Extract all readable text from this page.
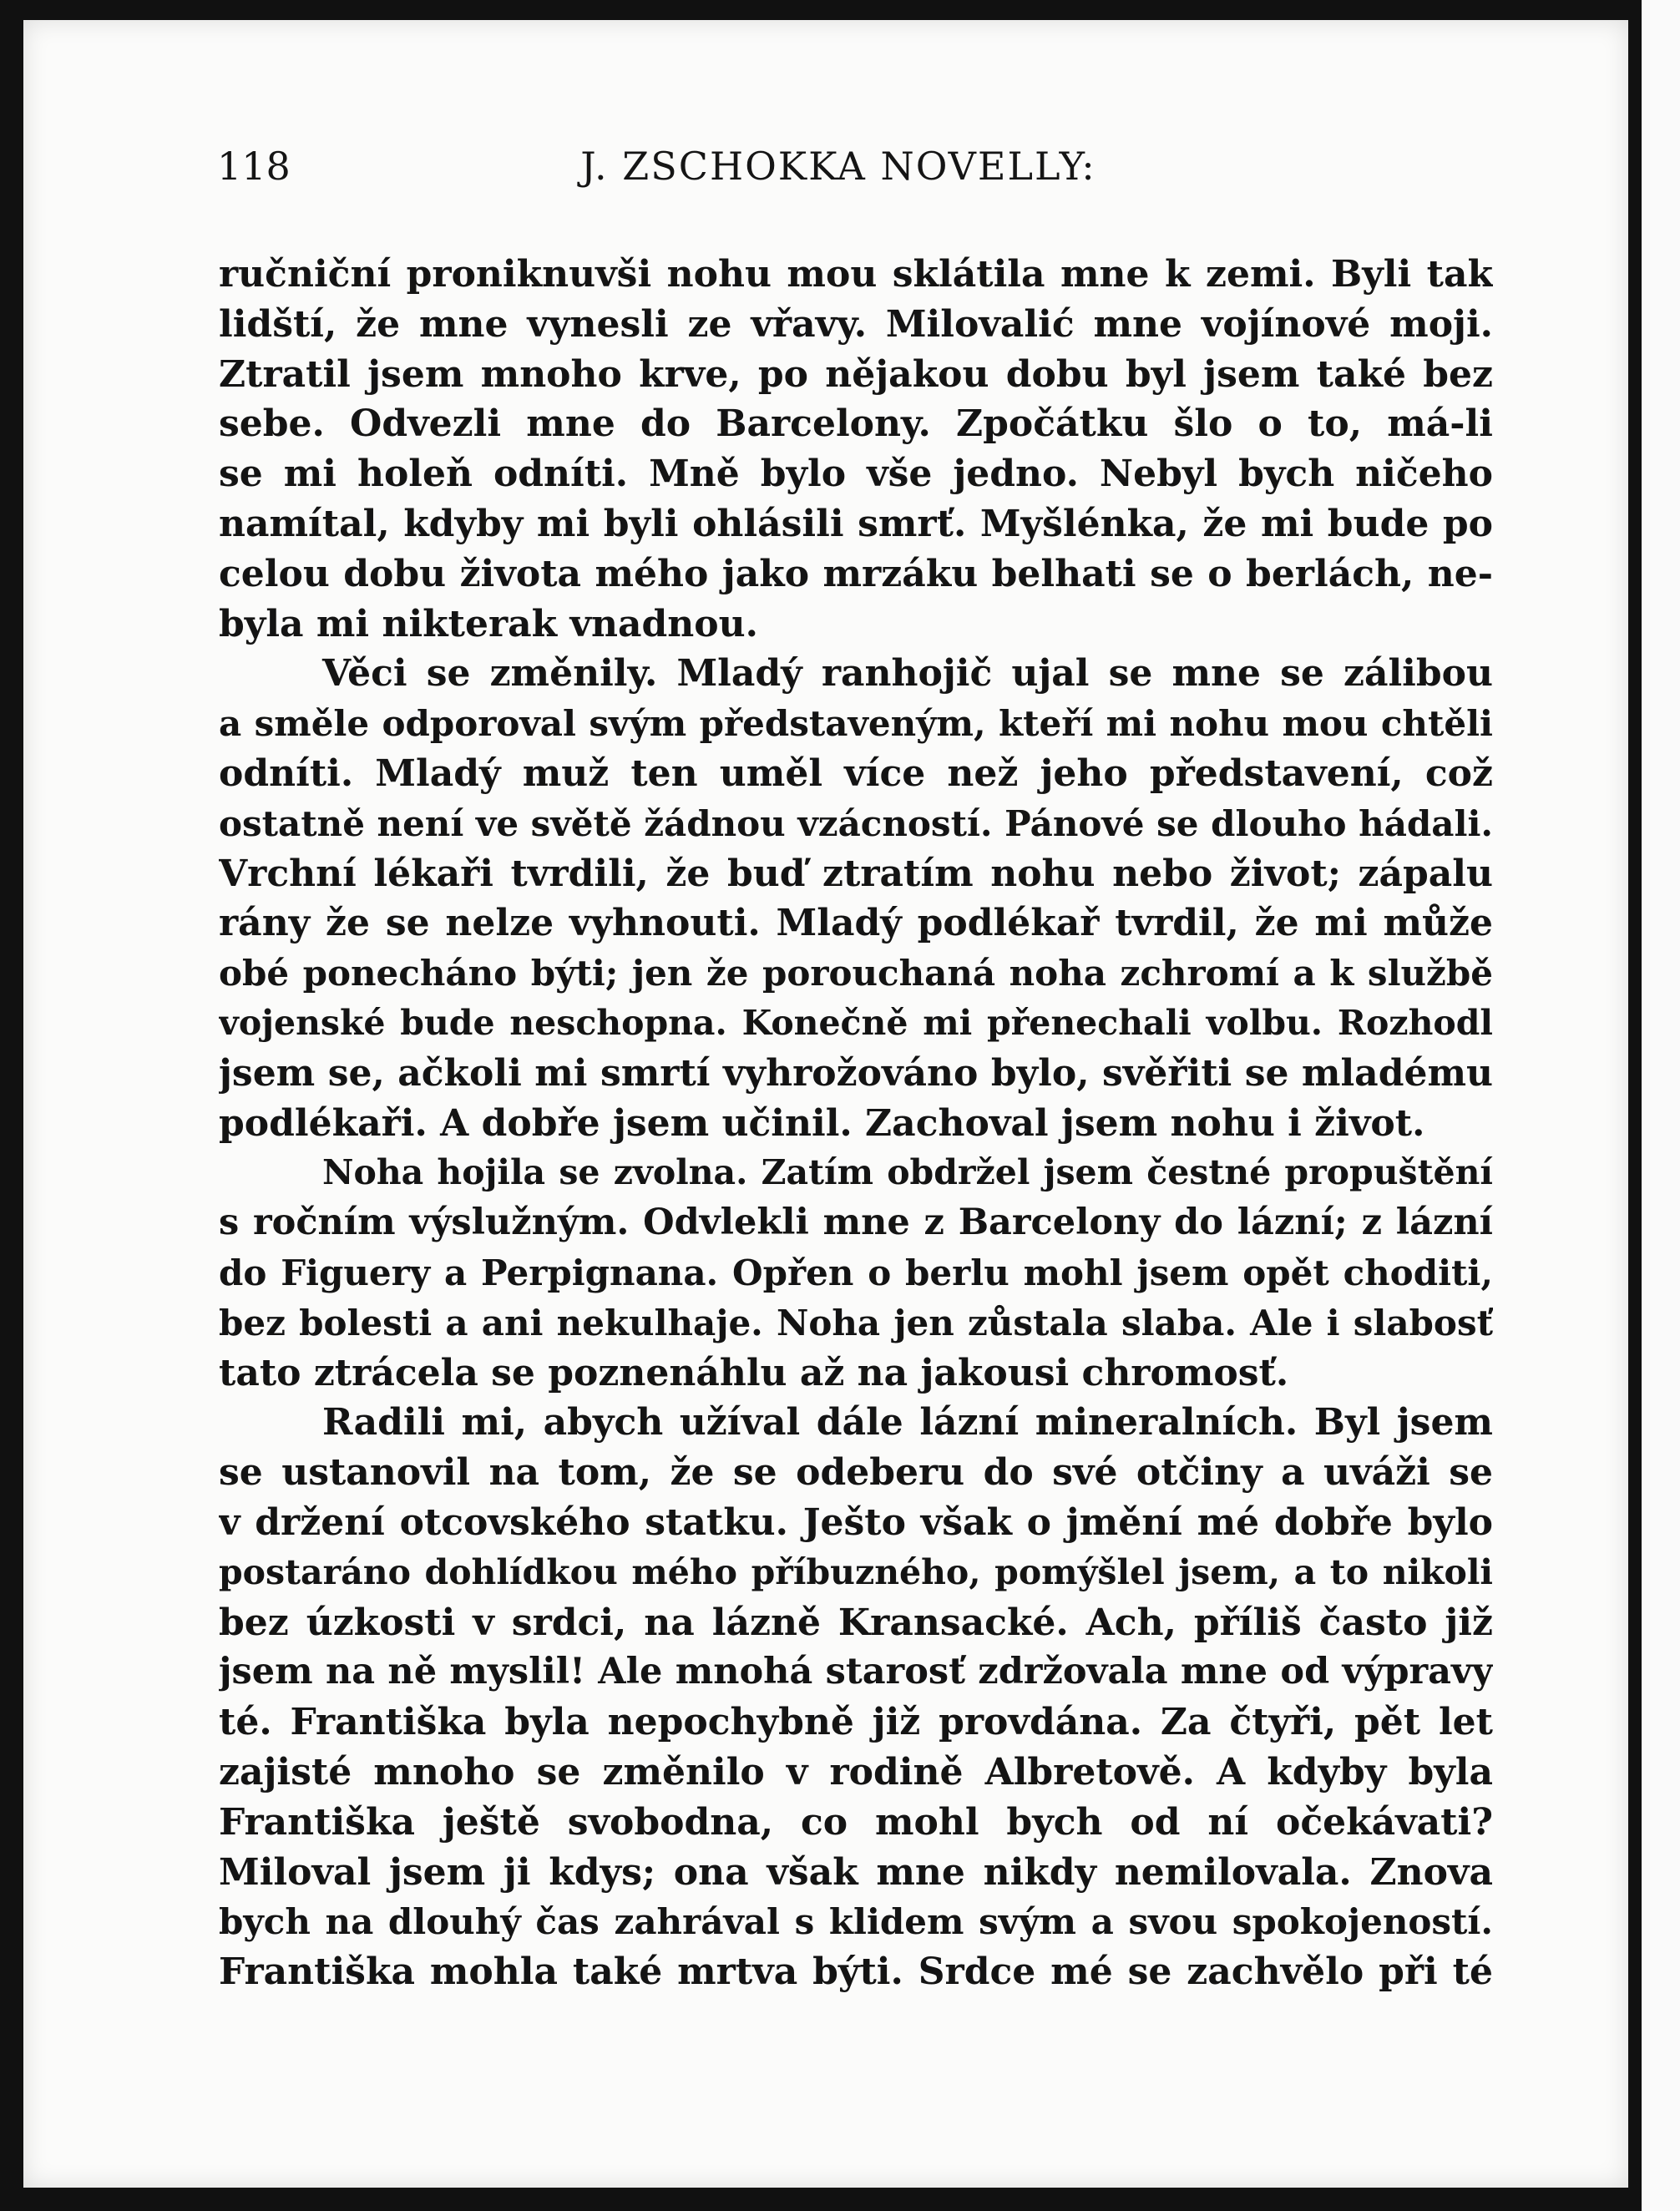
118	J. ZSCHOKKA NOVELLY:
ručniční proniknuvši nohu mou sklátila mne k zemi. Byli tak
lidští, že mne vynesli ze vřavy. Milovalić mne vojínové moji.
Ztratil jsem mnoho krve, po nějakou dobu byl jsem také bez
sebe. Odvezli mne do Barcelony. Zpočátku šlo o to, má-li
se mi holeň odníti. Mně bylo vše jedno. Nebyl bych ničeho
namítal, kdyby mi byli ohlásili smrť. Myšlénka, že mi bude po
celou dobu života mého jako mrzáku belhati se o berlách, ne-
byla mi nikterak vnadnou.
Věci se změnily. Mladý ranhojič ujal se mne se zálibou
a směle odporoval svým představeným, kteří mi nohu mou chtěli
odníti. Mladý muž ten uměl více než jeho představení, což
ostatně není ve světě žádnou vzácností. Pánové se dlouho hádali.
Vrchní lékaři tvrdili, že buď ztratím nohu nebo život; zápalu
rány že se nelze vyhnouti. Mladý podlékař tvrdil, že mi může
obé ponecháno býti; jen že porouchaná noha zchromí a k službě
vojenské bude neschopna. Konečně mi přenechali volbu. Rozhodl
jsem se, ačkoli mi smrtí vyhrožováno bylo, svěřiti se mladému
podlékaři. A dobře jsem učinil. Zachoval jsem nohu i život.
Noha hojila se zvolna. Zatím obdržel jsem čestné propuštění
s ročním výslužným. Odvlekli mne z Barcelony do lázní; z lázní
do Figuery a Perpignana. Opřen o berlu mohl jsem opět choditi,
bez bolesti a ani nekulhaje. Noha jen zůstala slaba. Ale i slabosť
tato ztrácela se poznenáhlu až na jakousi chromosť.
Radili mi, abych užíval dále lázní mineralních. Byl jsem
se ustanovil na tom, že se odeberu do své otčiny a uváži se
v držení otcovského statku. Ješto však o jmění mé dobře bylo
postaráno dohlídkou mého příbuzného, pomýšlel jsem, a to nikoli
bez úzkosti v srdci, na lázně Kransacké. Ach, příliš často již
jsem na ně myslil! Ale mnohá starosť zdržovala mne od výpravy
té. Františka byla nepochybně již provdána. Za čtyři, pět let
zajisté mnoho se změnilo v rodině Albretově. A kdyby byla
Františka ještě svobodna, co mohl bych od ní očekávati?
Miloval jsem ji kdys; ona však mne nikdy nemilovala. Znova
bych na dlouhý čas zahrával s klidem svým a svou spokojeností.
Františka mohla také mrtva býti. Srdce mé se zachvělo při té
